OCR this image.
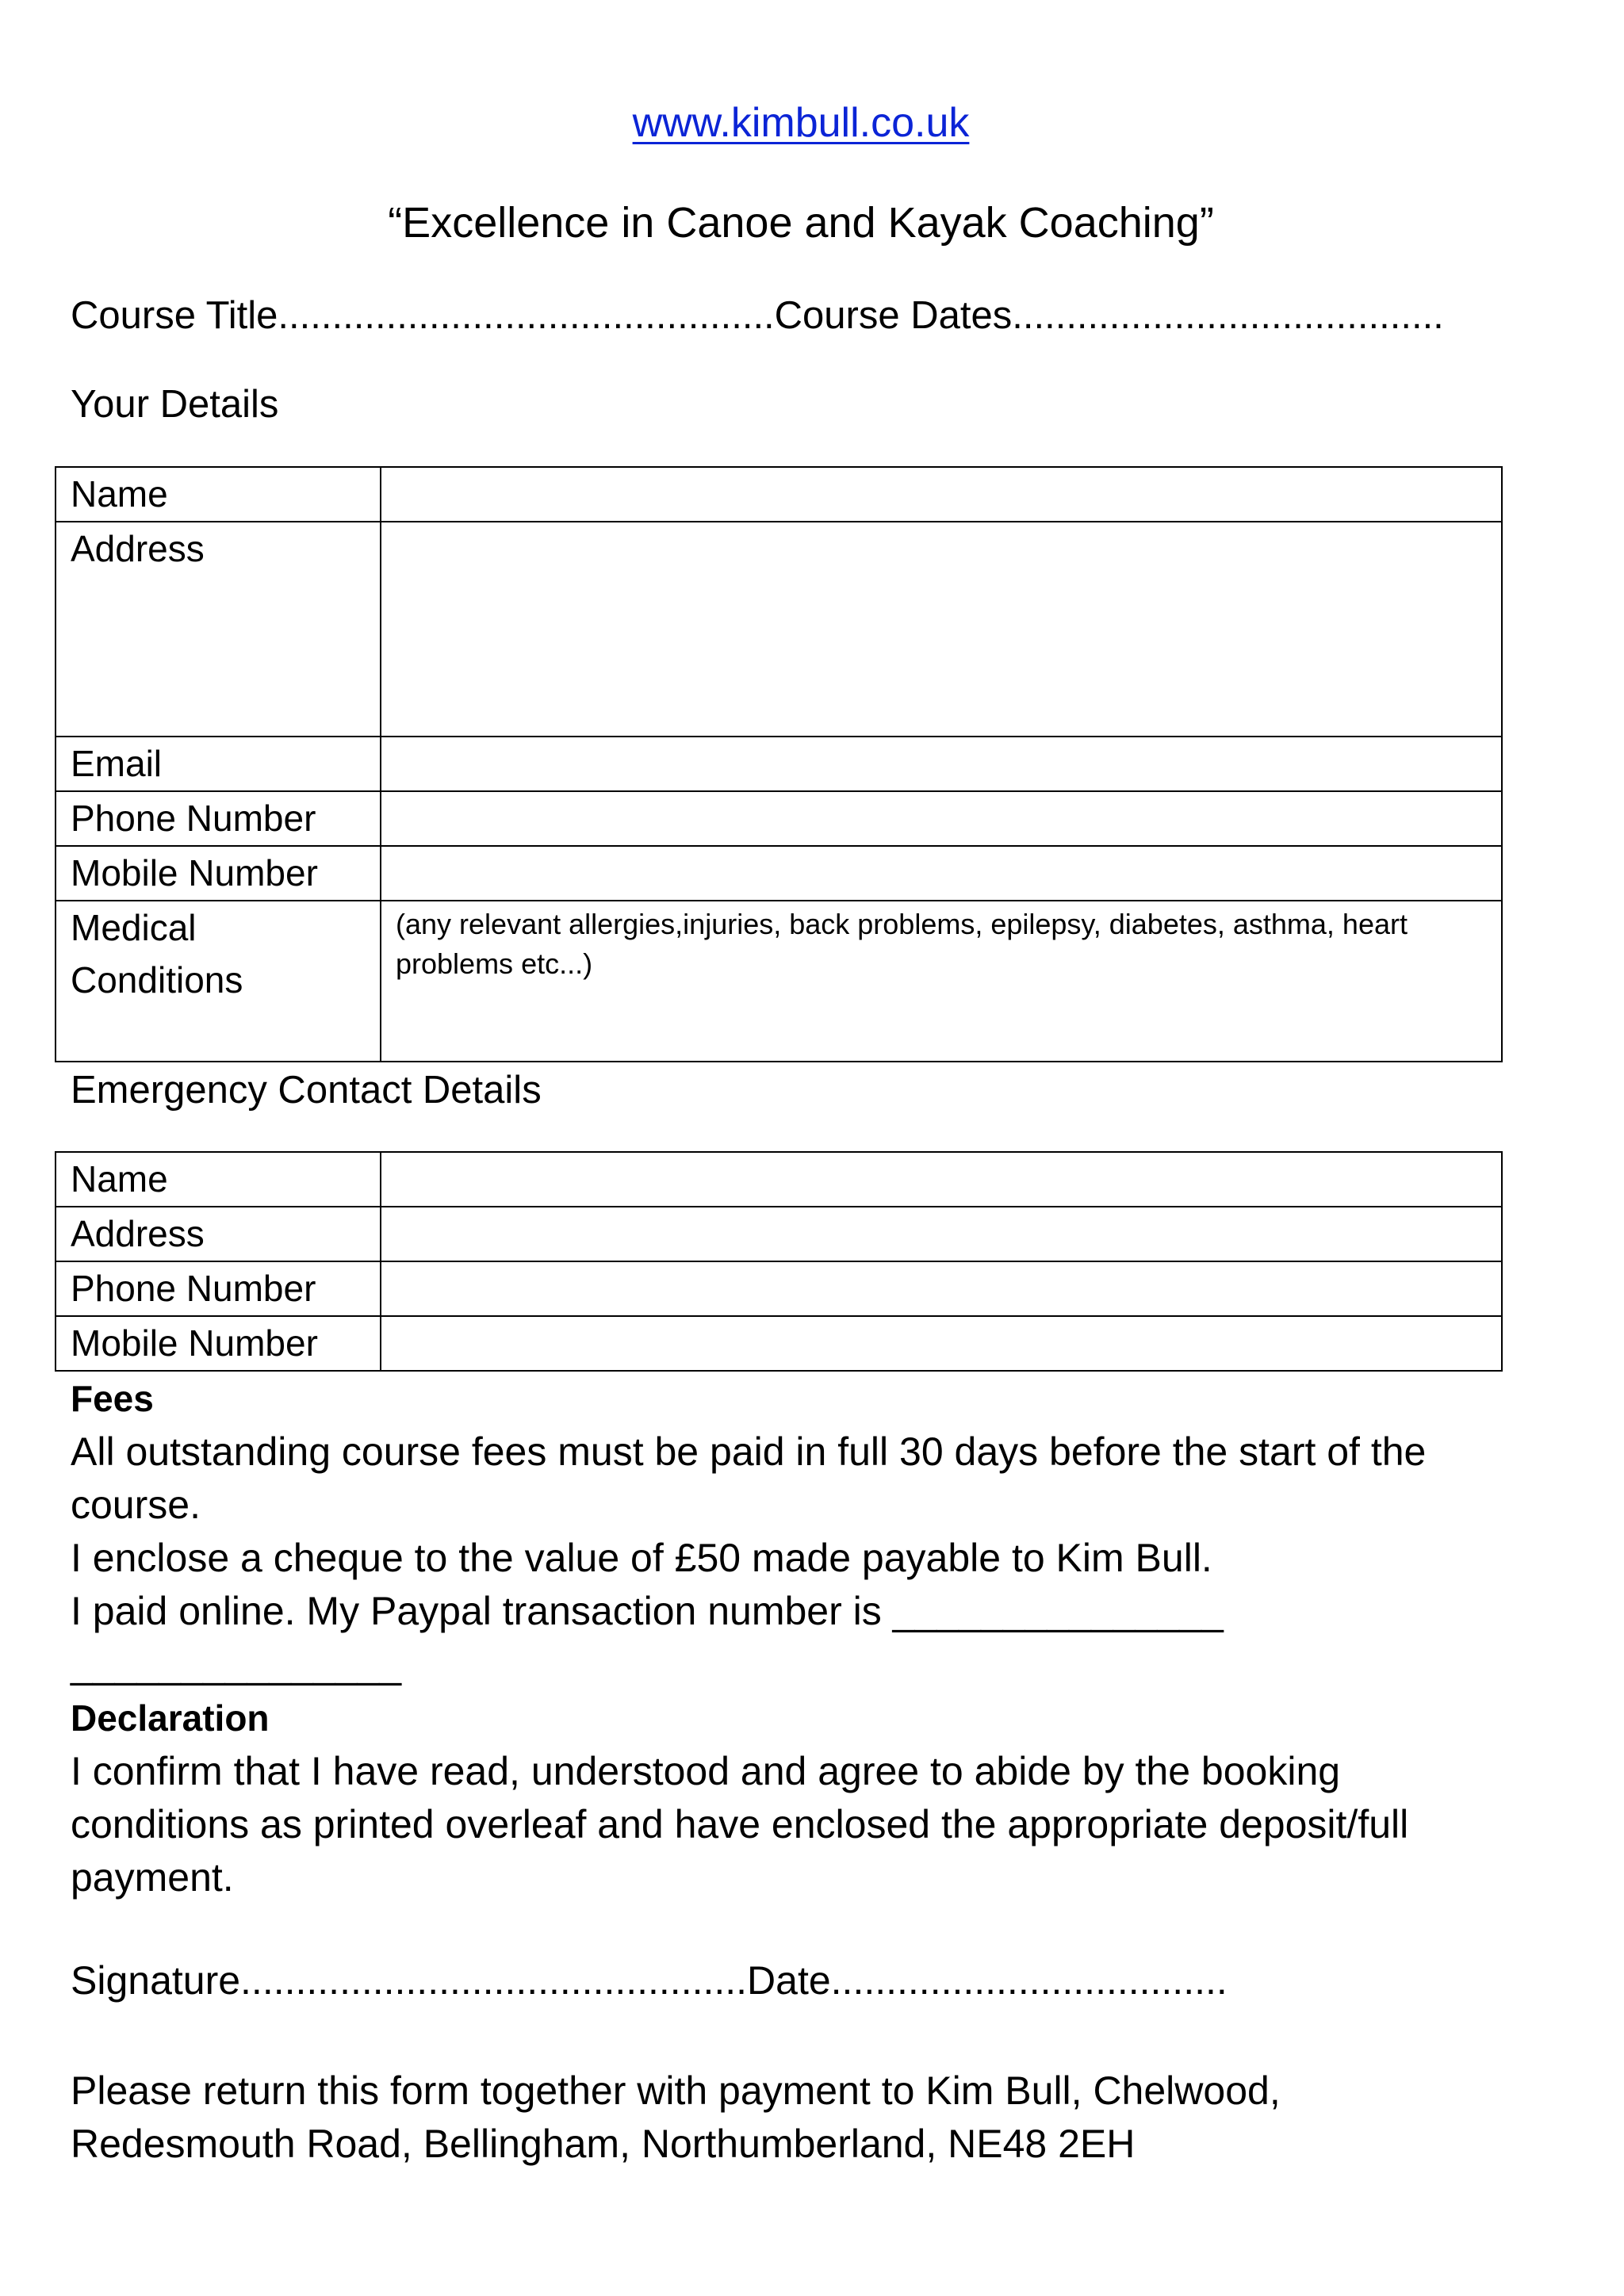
www.kimbull.co.uk
“Excellence in Canoe and Kayak Coaching”
Course Title..............................................Course Dates........................................
Your Details
Name	
Address	
Email	
Phone Number	
Mobile Number	

Medical
Conditions	(any relevant allergies,injuries, back problems, epilepsy, diabetes, asthma, heart problems etc...)
Emergency Contact Details
Name	
Address	
Phone Number	
Mobile Number	
Fees
All outstanding course fees must be paid in full 30 days before the start of the
course.
I enclose a cheque to the value of £50 made payable to Kim Bull.
I paid online. My Paypal transaction number is _______________
_______________
Declaration
I confirm that I have read, understood and agree to abide by the booking
conditions as printed overleaf and have enclosed the appropriate deposit/full
payment.
Signature..............................................Date....................................
Please return this form together with payment to Kim Bull, Chelwood,
Redesmouth Road, Bellingham, Northumberland, NE48 2EH
